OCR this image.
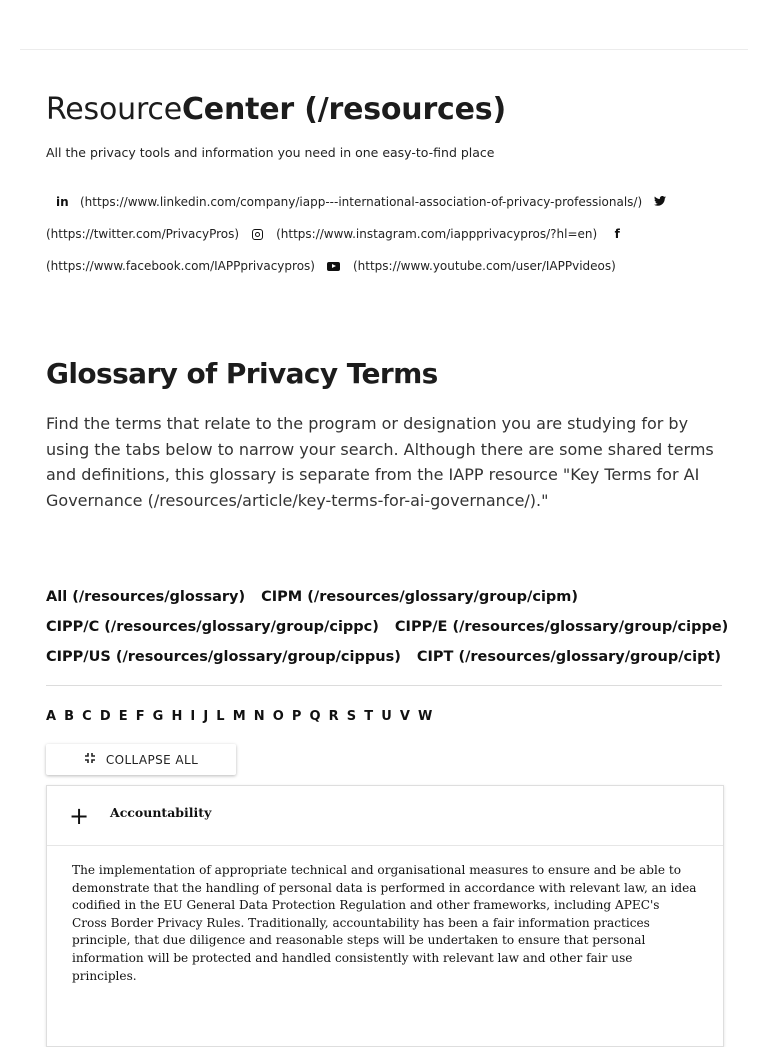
ResourceCenter (/resources)

All the privacy tools and information you need in one easy-to-find place

in (https://www.linkedin.com/company/iapp---international-association-of-privacy-professionals/)
(https://twitter.com/PrivacyPros)	(https://www.instagram.com/iappprivacypros/?hl=en) f
(https://www.facebook.com/IAPPprivacypros)	(https://www.youtube.com/user/IAPPvideos)
Glossary of Privacy Terms

Find the terms that relate to the program or designation you are studying for by using the tabs below to narrow your search. Although there are some shared terms and definitions, this glossary is separate from the IAPP resource "Key Terms for AI Governance (/resources/article/key-terms-for-ai-governance/)."

All (/resources/glossary) CIPM (/resources/glossary/group/cipm)
CIPP/C (/resources/glossary/group/cippc) CIPP/E (/resources/glossary/group/cippe)
CIPP/US (/resources/glossary/group/cippus) CIPT (/resources/glossary/group/cipt)
A B C D E F G H I J L M N O P Q R S T U V W
COLLAPSE ALL
+ Accountability

The implementation of appropriate technical and organisational measures to ensure and be able to demonstrate that the handling of personal data is performed in accordance with relevant law, an idea codified in the EU General Data Protection Regulation and other frameworks, including APEC's Cross Border Privacy Rules. Traditionally, accountability has been a fair information practices principle, that due diligence and reasonable steps will be undertaken to ensure that personal information will be protected and handled consistently with relevant law and other fair use principles.
